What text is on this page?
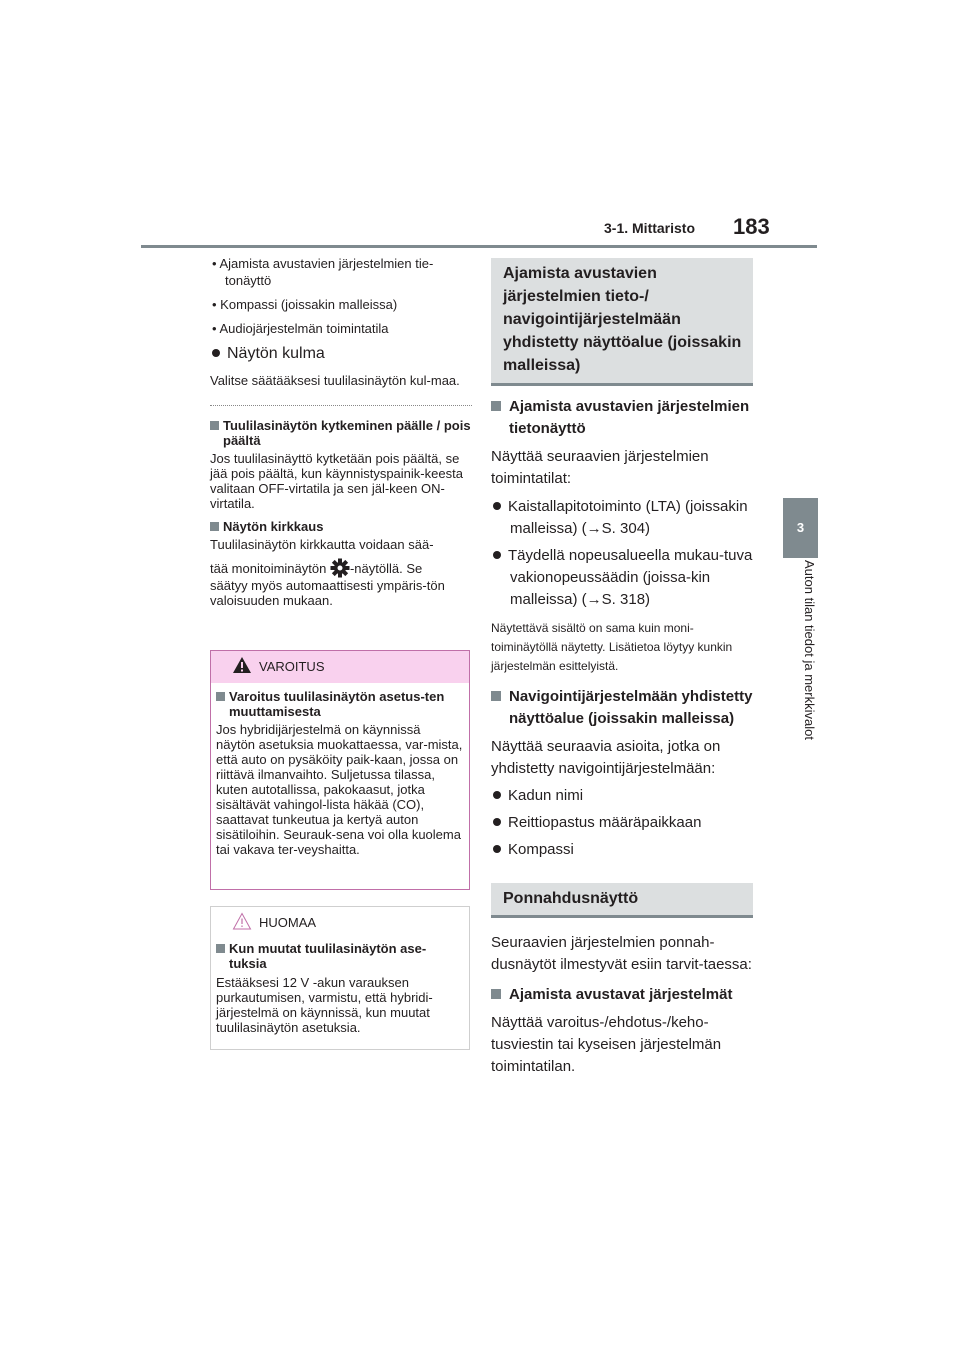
3-1. Mittaristo 183
3
Auton tilan tiedot ja merkkivalot

• Ajamista avustavien järjestelmien tie-tonäyttö

• Kompassi (joissakin malleissa)

• Audiojärjestelmän toimintatila

Näytön kulma

Valitse säätääksesi tuulilasinäytön kul-maa.

Tuulilasinäytön kytkeminen päälle / pois päältä

Jos tuulilasinäyttö kytketään pois päältä, se jää pois päältä, kun käynnistyspainik-keesta valitaan OFF-virtatila ja sen jäl-keen ON-virtatila.

Näytön kirkkaus

Tuulilasinäytön kirkkautta voidaan sää-

tää monitoiminäytön -näytöllä. Se

säätyy myös automaattisesti ympäris-tön valoisuuden mukaan.

VAROITUS

Varoitus tuulilasinäytön asetus-ten muuttamisesta

Jos hybridijärjestelmä on käynnissä näytön asetuksia muokattaessa, var-mista, että auto on pysäköity paik-kaan, jossa on riittävä ilmanvaihto. Suljetussa tilassa, kuten autotallissa, pakokaasut, jotka sisältävät vahingol-lista häkää (CO), saattavat tunkeutua ja kertyä auton sisätiloihin. Seurauk-sena voi olla kuolema tai vakava ter-veyshaitta.

HUOMAA

Kun muutat tuulilasinäytön ase-tuksia

Estääksesi 12 V -akun varauksen purkautumisen, varmistu, että hybridi-järjestelmä on käynnissä, kun muutat tuulilasinäytön asetuksia.

Ajamista avustavien järjestelmien tieto-/ navigointijärjestelmään yhdistetty näyttöalue (joissakin malleissa)

Ajamista avustavien järjestelmien tietonäyttö

Näyttää seuraavien järjestelmien toimintatilat:

Kaistallapitotoiminto (LTA) (joissakin malleissa) (→S. 304)

Täydellä nopeusalueella mukau-tuva vakionopeussäädin (joissa-kin malleissa) (→S. 318)

Näytettävä sisältö on sama kuin moni-toiminäytöllä näytetty. Lisätietoa löytyy kunkin järjestelmän esittelyistä.

Navigointijärjestelmään yhdistetty näyttöalue (joissakin malleissa)

Näyttää seuraavia asioita, jotka on yhdistetty navigointijärjestelmään:

Kadun nimi

Reittiopastus määräpaikkaan

Kompassi

Ponnahdusnäyttö

Seuraavien järjestelmien ponnah-dusnäytöt ilmestyvät esiin tarvit-taessa:

Ajamista avustavat järjestelmät

Näyttää varoitus-/ehdotus-/keho-tusviestin tai kyseisen järjestelmän toimintatilan.
